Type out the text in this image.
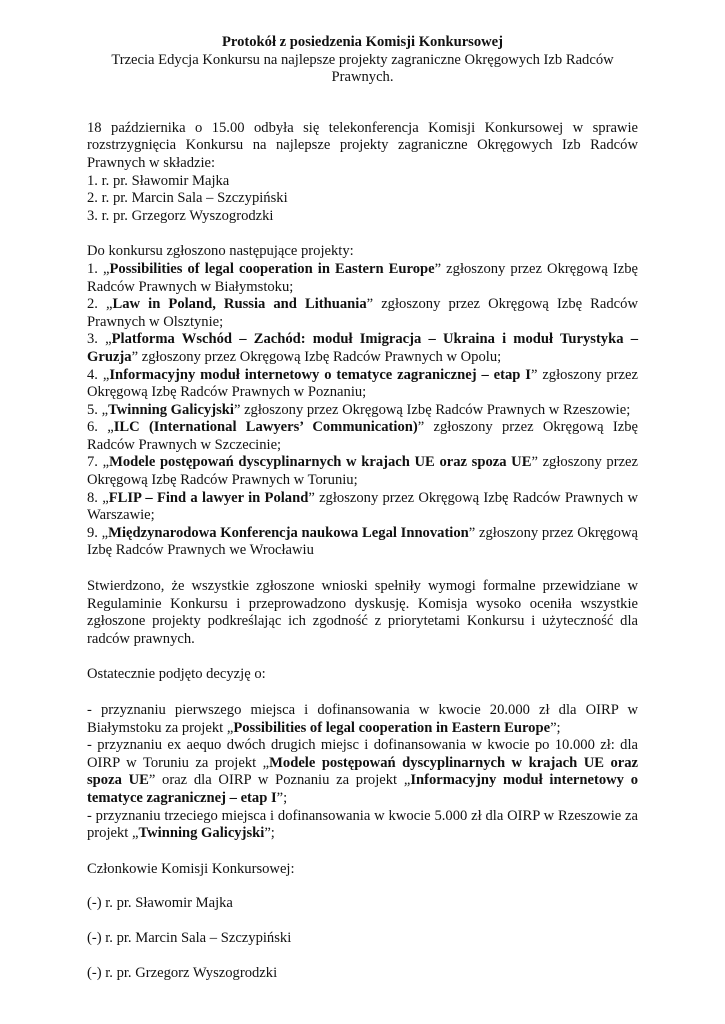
Protokół z posiedzenia Komisji Konkursowej

Trzecia Edycja Konkursu na najlepsze projekty zagraniczne Okręgowych Izb Radców Prawnych.

18 października o 15.00 odbyła się telekonferencja Komisji Konkursowej w sprawie rozstrzygnięcia Konkursu na najlepsze projekty zagraniczne Okręgowych Izb Radców Prawnych w składzie:

1. r. pr. Sławomir Majka
2. r. pr. Marcin Sala – Szczypiński
3. r. pr. Grzegorz Wyszogrodzki

Do konkursu zgłoszono następujące projekty:

1. „Possibilities of legal cooperation in Eastern Europe” zgłoszony przez Okręgową Izbę Radców Prawnych w Białymstoku;
2. „Law in Poland, Russia and Lithuania” zgłoszony przez Okręgową Izbę Radców Prawnych w Olsztynie;
3. „Platforma Wschód – Zachód: moduł Imigracja – Ukraina i moduł Turystyka – Gruzja” zgłoszony przez Okręgową Izbę Radców Prawnych w Opolu;
4. „Informacyjny moduł internetowy o tematyce zagranicznej – etap I” zgłoszony przez Okręgową Izbę Radców Prawnych w Poznaniu;
5. „Twinning Galicyjski” zgłoszony przez Okręgową Izbę Radców Prawnych w Rzeszowie;
6. „ILC (International Lawyers’ Communication)” zgłoszony przez Okręgową Izbę Radców Prawnych w Szczecinie;
7. „Modele postępowań dyscyplinarnych w krajach UE oraz spoza UE” zgłoszony przez Okręgową Izbę Radców Prawnych w Toruniu;
8. „FLIP – Find a lawyer in Poland” zgłoszony przez Okręgową Izbę Radców Prawnych w Warszawie;
9. „Międzynarodowa Konferencja naukowa Legal Innovation” zgłoszony przez Okręgową Izbę Radców Prawnych we Wrocławiu

Stwierdzono, że wszystkie zgłoszone wnioski spełniły wymogi formalne przewidziane w Regulaminie Konkursu i przeprowadzono dyskusję. Komisja wysoko oceniła wszystkie zgłoszone projekty podkreślając ich zgodność z priorytetami Konkursu i użyteczność dla radców prawnych.

Ostatecznie podjęto decyzję o:

- przyznaniu pierwszego miejsca i dofinansowania w kwocie 20.000 zł dla OIRP w Białymstoku za projekt „Possibilities of legal cooperation in Eastern Europe”;

- przyznaniu ex aequo dwóch drugich miejsc i dofinansowania w kwocie po 10.000 zł: dla OIRP w Toruniu za projekt „Modele postępowań dyscyplinarnych w krajach UE oraz spoza UE” oraz dla OIRP w Poznaniu za projekt „Informacyjny moduł internetowy o tematyce zagranicznej – etap I”;

- przyznaniu trzeciego miejsca i dofinansowania w kwocie 5.000 zł dla OIRP w Rzeszowie za projekt „Twinning Galicyjski”;

Członkowie Komisji Konkursowej:

(-) r. pr. Sławomir Majka

(-) r. pr. Marcin Sala – Szczypiński

(-) r. pr. Grzegorz Wyszogrodzki
